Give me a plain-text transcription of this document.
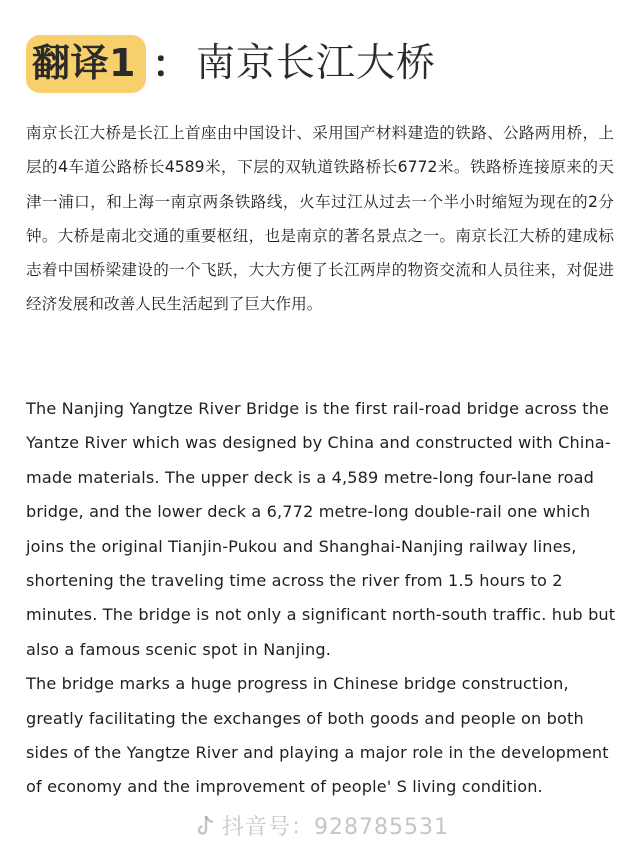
翻译1 ： 南京长江大桥

南京长江大桥是长江上首座由中国设计、采用国产材料建造的铁路、公路两用桥，上层的4车道公路桥长4589米，下层的双轨道铁路桥长6772米。铁路桥连接原来的天津一浦口，和上海一南京两条铁路线，火车过江从过去一个半小时缩短为现在的2分钟。大桥是南北交通的重要枢纽，也是南京的著名景点之一。南京长江大桥的建成标志着中国桥梁建设的一个飞跃，大大方便了长江两岸的物资交流和人员往来，对促进经济发展和改善人民生活起到了巨大作用。

The Nanjing Yangtze River Bridge is the first rail-road bridge across the Yantze River which was designed by China and constructed with China-made materials. The upper deck is a 4,589 metre-long four-lane road bridge, and the lower deck a 6,772 metre-long double-rail one which joins the original Tianjin-Pukou and Shanghai-Nanjing railway lines, shortening the traveling time across the river from 1.5 hours to 2 minutes. The bridge is not only a significant north-south traffic. hub but also a famous scenic spot in Nanjing.

The bridge marks a huge progress in Chinese bridge construction, greatly facilitating the exchanges of both goods and people on both sides of the Yangtze River and playing a major role in the development of economy and the improvement of people' S living condition.

抖音号：928785531
